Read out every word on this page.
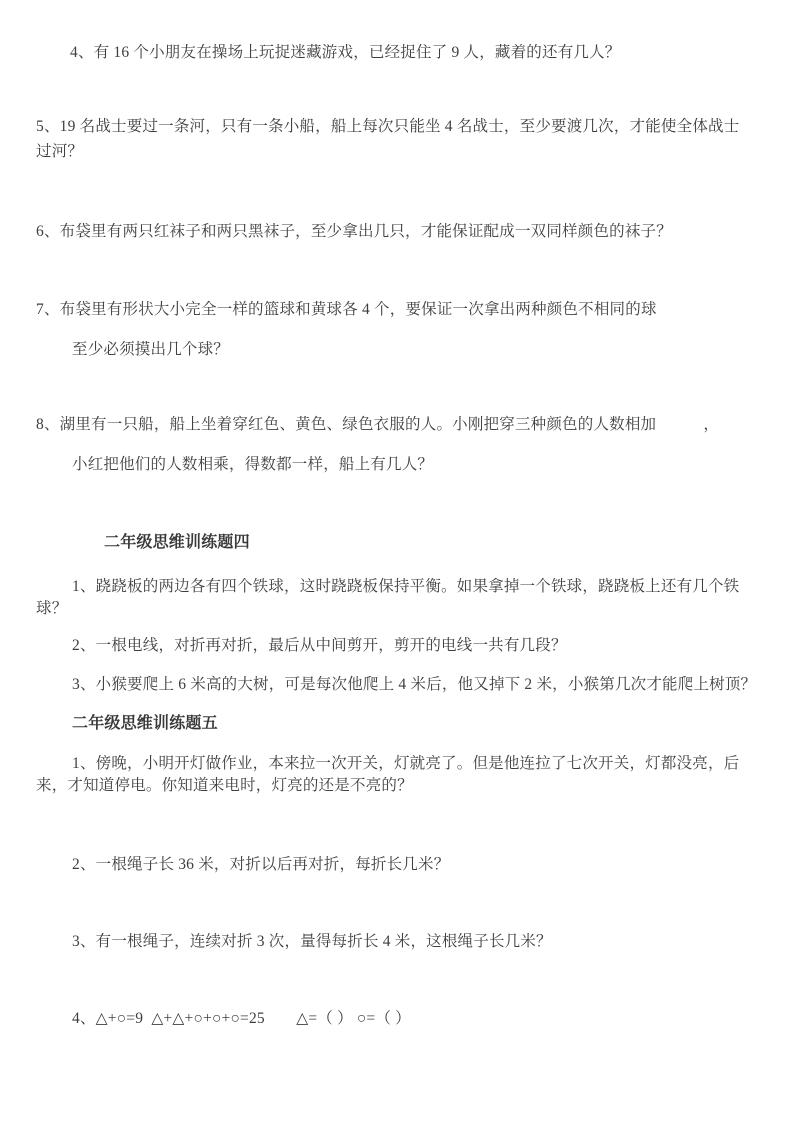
4、有 16 个小朋友在操场上玩捉迷藏游戏，已经捉住了 9 人，藏着的还有几人？
5、19 名战士要过一条河，只有一条小船，船上每次只能坐 4 名战士，至少要渡几次，才能使全体战士
过河？
6、布袋里有两只红袜子和两只黑袜子，至少拿出几只，才能保证配成一双同样颜色的袜子？
7、布袋里有形状大小完全一样的篮球和黄球各 4 个，要保证一次拿出两种颜色不相同的球
至少必须摸出几个球？
8、湖里有一只船，船上坐着穿红色、黄色、绿色衣服的人。小刚把穿三种颜色的人数相加　　　，
小红把他们的人数相乘，得数都一样，船上有几人？
二年级思维训练题四
1、跷跷板的两边各有四个铁球，这时跷跷板保持平衡。如果拿掉一个铁球，跷跷板上还有几个铁
球？
2、一根电线，对折再对折，最后从中间剪开，剪开的电线一共有几段？
3、小猴要爬上 6 米高的大树，可是每次他爬上 4 米后，他又掉下 2 米，小猴第几次才能爬上树顶？
二年级思维训练题五
1、傍晚，小明开灯做作业，本来拉一次开关，灯就亮了。但是他连拉了七次开关，灯都没亮，后
来，才知道停电。你知道来电时，灯亮的还是不亮的？
2、一根绳子长 36 米，对折以后再对折，每折长几米？
3、有一根绳子，连续对折 3 次，量得每折长 4 米，这根绳子长几米？
4、△+○=9  △+△+○+○+○=25　　△=（ ） ○=（ ）
